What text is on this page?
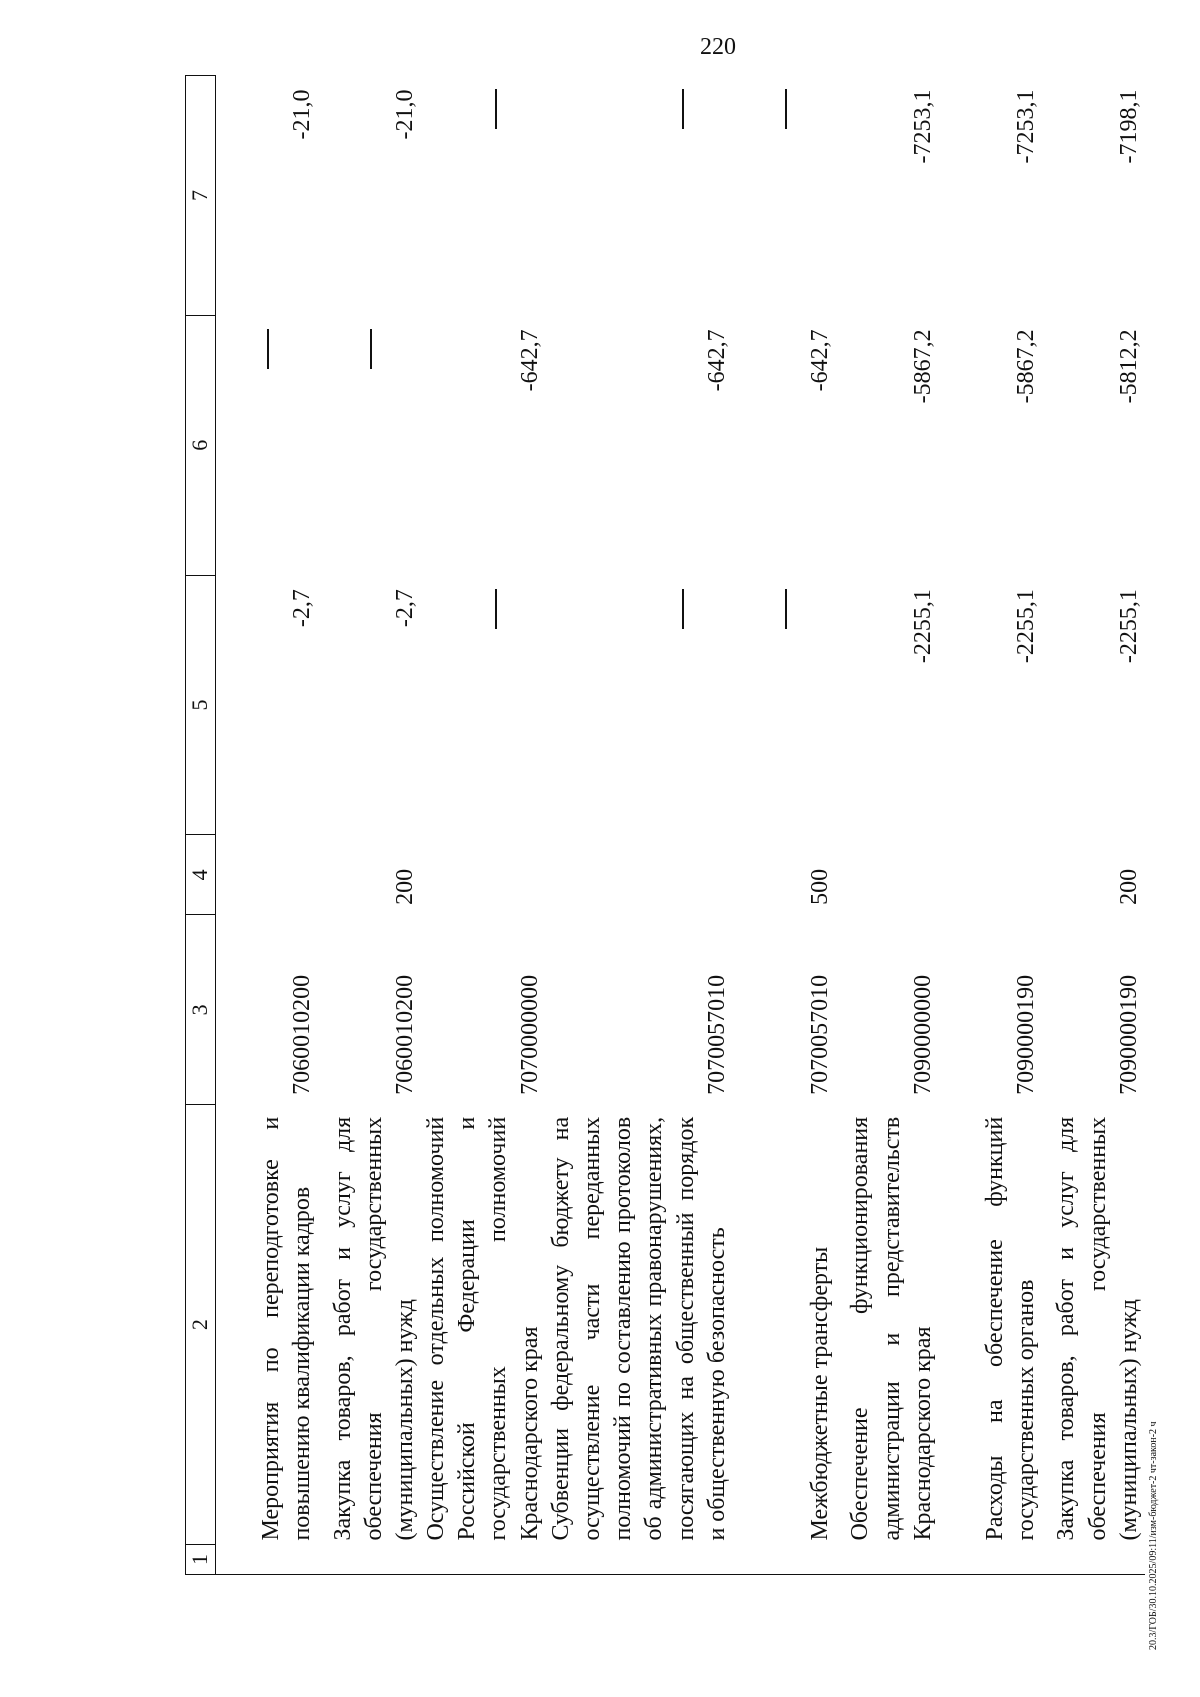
220
20.3/ГОБ/30.10.2025/09:11/изм-бюджет-2 чт-закон-2 ч
1	2	3	4	5	6	7
	Мероприятия по переподготовке и повышению квалификации кадров	7060010200		-2,7		-21,0
	Закупка товаров, работ и услуг для обеспечения государственных (муниципальных) нужд	7060010200	200	-2,7		-21,0
	Осуществление отдельных полномочий Российской Федерации и государственных полномочий Краснодарского края	7070000000			-642,7	
	Субвенции федеральному бюджету на осуществление части переданных полномочий по составлению протоколов об административных правонарушениях, посягающих на общественный порядок и общественную безопасность	7070057010			-642,7	
	Межбюджетные трансферты	7070057010	500		-642,7	
	Обеспечение функционирования администрации и представительств Краснодарского края	7090000000		-2255,1	-5867,2	-7253,1
	Расходы на обеспечение функций государственных органов	7090000190		-2255,1	-5867,2	-7253,1
	Закупка товаров, работ и услуг для обеспечения государственных (муниципальных) нужд	7090000190	200	-2255,1	-5812,2	-7198,1
